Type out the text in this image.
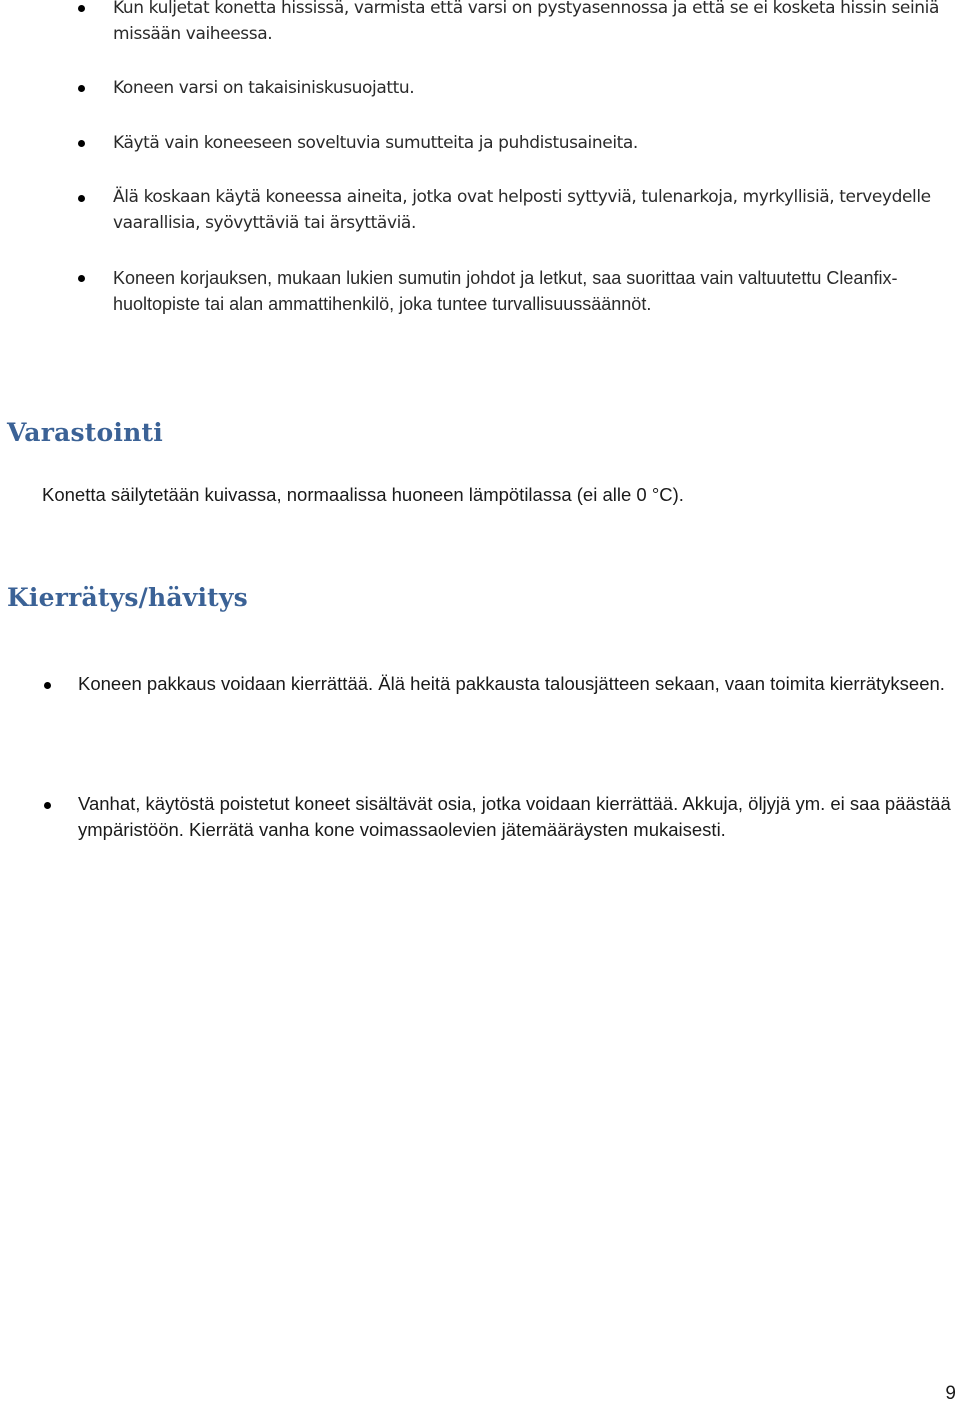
Kun kuljetat konetta hississä, varmista että varsi on pystyasennossa ja että se ei kosketa hissin seiniä missään vaiheessa.

Koneen varsi on takaisiniskusuojattu.

Käytä vain koneeseen soveltuvia sumutteita ja puhdistusaineita.

Älä koskaan käytä koneessa aineita, jotka ovat helposti syttyviä, tulenarkoja, myrkyllisiä, terveydelle vaarallisia, syövyttäviä tai ärsyttäviä.

Koneen korjauksen, mukaan lukien sumutin johdot ja letkut, saa suorittaa vain valtuutettu Cleanfix-huoltopiste tai alan ammattihenkilö, joka tuntee turvallisuussäännöt.

Varastointi

Konetta säilytetään kuivassa, normaalissa huoneen lämpötilassa (ei alle 0 °C).

Kierrätys/hävitys

Koneen pakkaus voidaan kierrättää. Älä heitä pakkausta talousjätteen sekaan, vaan toimita kierrätykseen.

Vanhat, käytöstä poistetut koneet sisältävät osia, jotka voidaan kierrättää. Akkuja, öljyjä ym. ei saa päästää ympäristöön. Kierrätä vanha kone voimassaolevien jätemääräysten mukaisesti.

9
